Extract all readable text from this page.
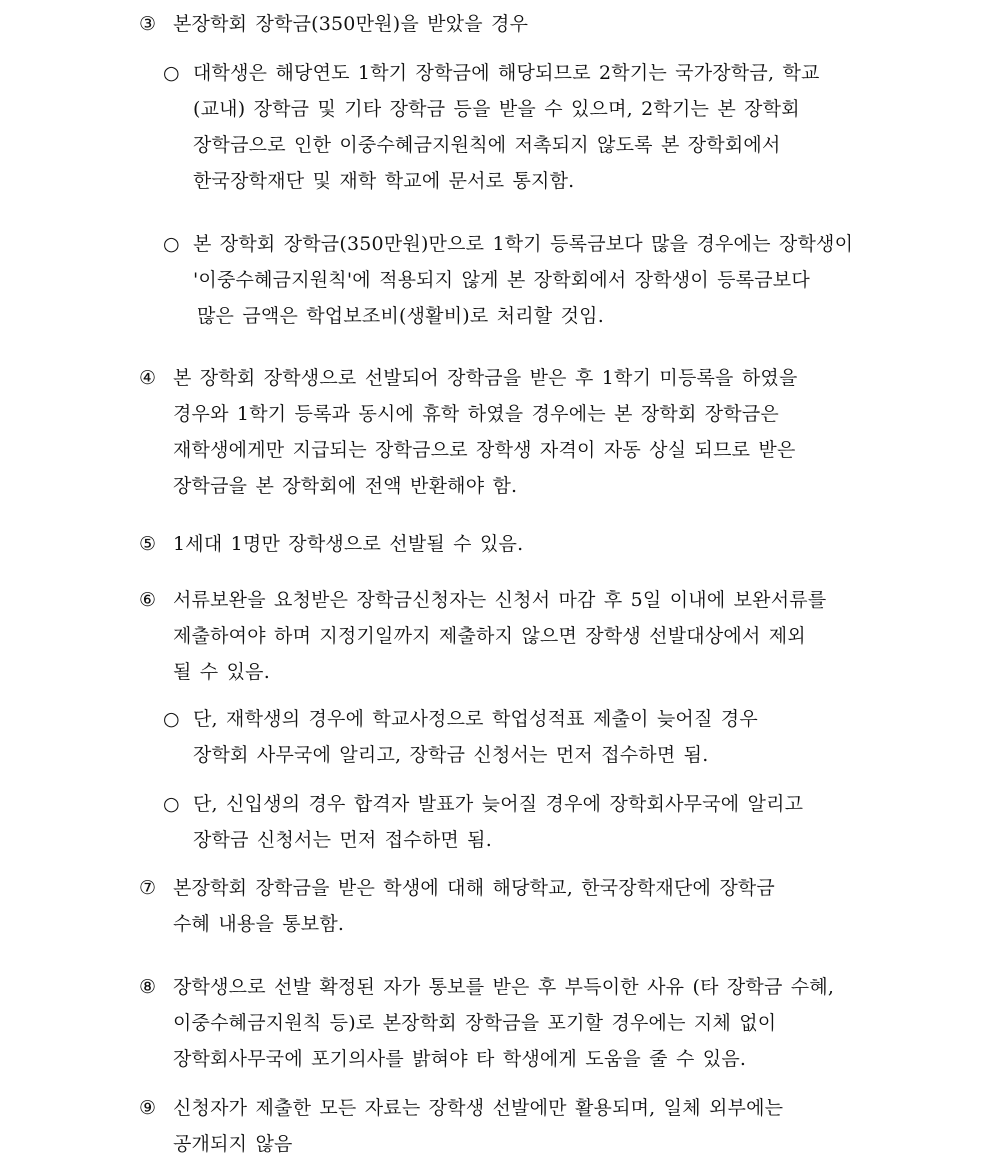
③ 본장학회 장학금(350만원)을 받았을 경우
○ 대학생은 해당연도 1학기 장학금에 해당되므로 2학기는 국가장학금, 학교
(교내) 장학금 및 기타 장학금 등을 받을 수 있으며, 2학기는 본 장학회
장학금으로 인한 이중수혜금지원칙에 저촉되지 않도록 본 장학회에서
한국장학재단 및 재학 학교에 문서로 통지함.
○ 본 장학회 장학금(350만원)만으로 1학기 등록금보다 많을 경우에는 장학생이
'이중수혜금지원칙'에 적용되지 않게 본 장학회에서 장학생이 등록금보다
많은 금액은 학업보조비(생활비)로 처리할 것임.
④ 본 장학회 장학생으로 선발되어 장학금을 받은 후 1학기 미등록을 하였을
경우와 1학기 등록과 동시에 휴학 하였을 경우에는 본 장학회 장학금은
재학생에게만 지급되는 장학금으로 장학생 자격이 자동 상실 되므로 받은
장학금을 본 장학회에 전액 반환해야 함.
⑤ 1세대 1명만 장학생으로 선발될 수 있음.
⑥ 서류보완을 요청받은 장학금신청자는 신청서 마감 후 5일 이내에 보완서류를
제출하여야 하며 지정기일까지 제출하지 않으면 장학생 선발대상에서 제외
될 수 있음.
○ 단, 재학생의 경우에 학교사정으로 학업성적표 제출이 늦어질 경우
장학회 사무국에 알리고, 장학금 신청서는 먼저 접수하면 됨.
○ 단, 신입생의 경우 합격자 발표가 늦어질 경우에 장학회사무국에 알리고
장학금 신청서는 먼저 접수하면 됨.
⑦ 본장학회 장학금을 받은 학생에 대해 해당학교, 한국장학재단에 장학금
수혜 내용을 통보함.
⑧ 장학생으로 선발 확정된 자가 통보를 받은 후 부득이한 사유 (타 장학금 수혜,
이중수혜금지원칙 등)로 본장학회 장학금을 포기할 경우에는 지체 없이
장학회사무국에 포기의사를 밝혀야 타 학생에게 도움을 줄 수 있음.
⑨ 신청자가 제출한 모든 자료는 장학생 선발에만 활용되며, 일체 외부에는
공개되지 않음
